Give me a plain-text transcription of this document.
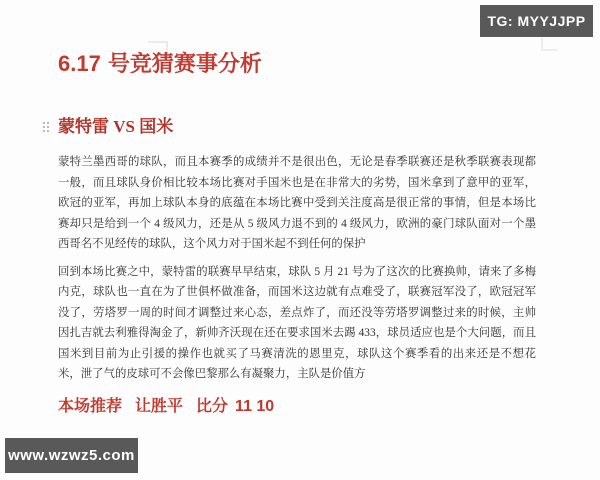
TG: MYYJJPP
www.wzwz5.com
6.17 号竞猜赛事分析
蒙特雷 VS 国米

蒙特兰墨西哥的球队，而且本赛季的成绩并不是很出色，无论是春季联赛还是秋季联赛表现都一般，而且球队身价相比较本场比赛对手国米也是在非常大的劣势，国米拿到了意甲的亚军，欧冠的亚军，再加上球队本身的底蕴在本场比赛中受到关注度高是很正常的事情，但是本场比赛却只是给到一个 4 级风力，还是从 5 级风力退不到的 4 级风力，欧洲的豪门球队面对一个墨西哥名不见经传的球队，这个风力对于国米起不到任何的保护

回到本场比赛之中，蒙特雷的联赛早早结束，球队 5 月 21 号为了这次的比赛换帅，请来了多梅内克，球队也一直在为了世俱杯做准备，而国米这边就有点难受了，联赛冠军没了，欧冠冠军没了，劳塔罗一周的时间才调整过来心态，差点炸了，而还没等劳塔罗调整过来的时候，主帅因扎吉就去利雅得淘金了，新帅齐沃现在还在要求国米去踢 433，球员适应也是个大问题，而且国米到目前为止引援的操作也就买了马赛清洗的恩里克，球队这个赛季看的出来还是不想花米，泄了气的皮球可不会像巴黎那么有凝聚力，主队是价值方

本场推荐 让胜平 比分 11 10
